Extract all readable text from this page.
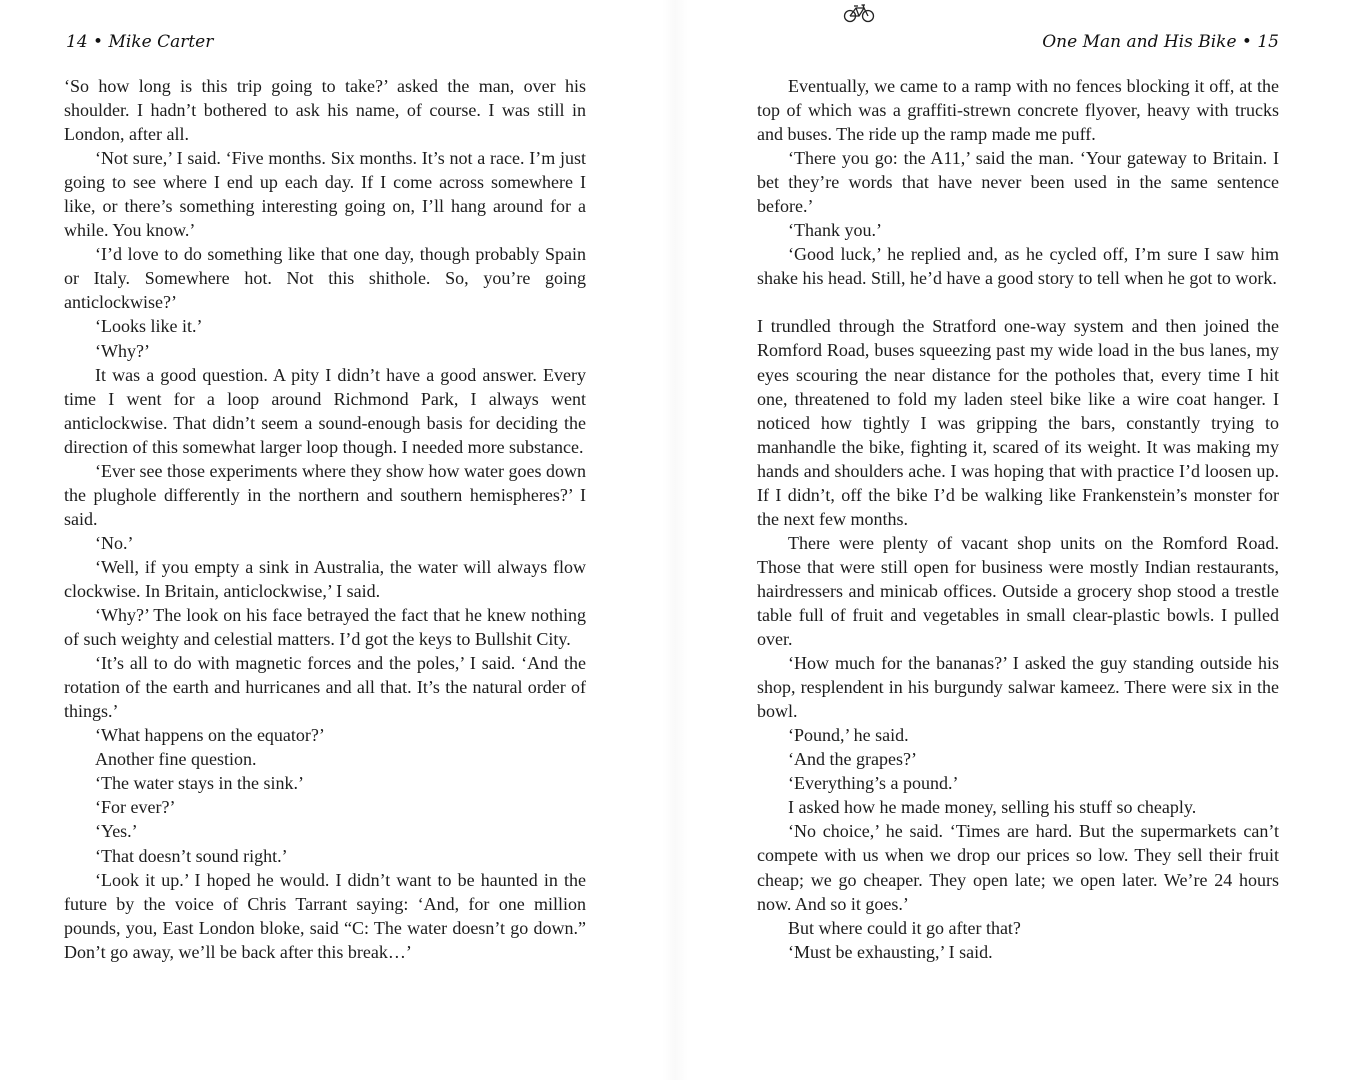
14 • Mike Carter

‘So how long is this trip going to take?’ asked the man, over his shoulder. I hadn’t bothered to ask his name, of course. I was still in London, after all.

‘Not sure,’ I said. ‘Five months. Six months. It’s not a race. I’m just going to see where I end up each day. If I come across somewhere I like, or there’s something interesting going on, I’ll hang around for a while. You know.’

‘I’d love to do something like that one day, though probably Spain or Italy. Somewhere hot. Not this shithole. So, you’re going anticlockwise?’

‘Looks like it.’

‘Why?’

It was a good question. A pity I didn’t have a good answer. Every time I went for a loop around Richmond Park, I always went anticlockwise. That didn’t seem a sound-enough basis for deciding the direction of this somewhat larger loop though. I needed more substance.

‘Ever see those experiments where they show how water goes down the plughole differently in the northern and southern hemispheres?’ I said.

‘No.’

‘Well, if you empty a sink in Australia, the water will always flow clockwise. In Britain, anticlockwise,’ I said.

‘Why?’ The look on his face betrayed the fact that he knew nothing of such weighty and celestial matters. I’d got the keys to Bullshit City.

‘It’s all to do with magnetic forces and the poles,’ I said. ‘And the rotation of the earth and hurricanes and all that. It’s the natural order of things.’

‘What happens on the equator?’

Another fine question.

‘The water stays in the sink.’

‘For ever?’

‘Yes.’

‘That doesn’t sound right.’

‘Look it up.’ I hoped he would. I didn’t want to be haunted in the future by the voice of Chris Tarrant saying: ‘And, for one million pounds, you, East London bloke, said “C: The water doesn’t go down.” Don’t go away, we’ll be back after this break…’

One Man and His Bike • 15

Eventually, we came to a ramp with no fences blocking it off, at the top of which was a graffiti-strewn concrete flyover, heavy with trucks and buses. The ride up the ramp made me puff.

‘There you go: the A11,’ said the man. ‘Your gateway to Britain. I bet they’re words that have never been used in the same sentence before.’

‘Thank you.’

‘Good luck,’ he replied and, as he cycled off, I’m sure I saw him shake his head. Still, he’d have a good story to tell when he got to work.

I trundled through the Stratford one-way system and then joined the Romford Road, buses squeezing past my wide load in the bus lanes, my eyes scouring the near distance for the potholes that, every time I hit one, threatened to fold my laden steel bike like a wire coat hanger. I noticed how tightly I was gripping the bars, constantly trying to manhandle the bike, fighting it, scared of its weight. It was making my hands and shoulders ache. I was hoping that with practice I’d loosen up. If I didn’t, off the bike I’d be walking like Frankenstein’s monster for the next few months.

There were plenty of vacant shop units on the Romford Road. Those that were still open for business were mostly Indian restaurants, hairdressers and minicab offices. Outside a grocery shop stood a trestle table full of fruit and vegetables in small clear-plastic bowls. I pulled over.

‘How much for the bananas?’ I asked the guy standing outside his shop, resplendent in his burgundy salwar kameez. There were six in the bowl.

‘Pound,’ he said.

‘And the grapes?’

‘Everything’s a pound.’

I asked how he made money, selling his stuff so cheaply.

‘No choice,’ he said. ‘Times are hard. But the supermarkets can’t compete with us when we drop our prices so low. They sell their fruit cheap; we go cheaper. They open late; we open later. We’re 24 hours now. And so it goes.’

But where could it go after that?

‘Must be exhausting,’ I said.
